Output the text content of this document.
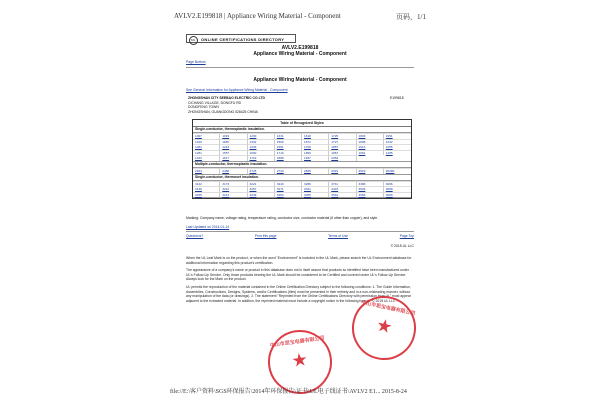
AVLV2.E199818 | Appliance Wiring Material - Component	页码，1/1
UL	ONLINE CERTIFICATIONS DIRECTORY
AVLV2.E199818
Appliance Wiring Material - Component
Page Bottom
Appliance Wiring Material - Component
See General Information for Appliance Wiring Material - Component
ZHONGSHAN CITY SEEBAO ELECTRIC CO LTD
CICHANG VILLAGE, DONGFU RD
DONGFENG TOWN
ZHONGSHAN, GUANGDONG 528425 CHINA
E199818
Table of Recognized Styles
Single-conductor, thermoplastic insulation.
1007	1015	1230	1331	1618	1725	1803	1951
1016	1185	1332	1569	1672	1727	1808	1032
1061	1213	1333	1581	1709	1887	1913	1055
1281	1557	1600	1710	1896	1957	1061	1285
1343	1617	1719	1888	1937	2054
Multiple-conductor, thermoplastic insulation.
2464	2468	2725	2733	2835	2919	2919	20280
Single-conductor, thermoset insulation.
3122	3173	3221	3240	3289	3741	3386	3066
3140	3212	3267	3271	3321	3443	3529	3068
3155	3213	3239	3284	3355	3544	3566	3069
Marking: Company name, voltage rating, temperature rating, conductor size, conductor material (if other than copper), and style.
Last Updated on 2014-01-14
Questions?	Print this page	Terms of Use	Page Top
© 2015 UL LLC
When the UL Leaf Mark is on the product, or when the word "Environment" is included in the UL Mark, please search the UL Environment database for additional information regarding this product's certification.
The appearance of a company's name or product in this database does not in itself assure that products so identified have been manufactured under UL's Follow-Up Service. Only those products bearing the UL Mark should be considered to be Certified and covered under UL's Follow-Up Service. Always look for the Mark on the product.
UL permits the reproduction of the material contained in the Online Certification Directory subject to the following conditions: 1. The Guide Information, Assemblies, Constructions, Designs, Systems, and/or Certifications (files) must be presented in their entirety and in a non-misleading manner, without any manipulation of the data (or drawings). 2. The statement "Reprinted from the Online Certifications Directory with permission from UL" must appear adjacent to the extracted material. In addition, the reprinted material must include a copyright notice in the following format: "© 2015 UL LLC".
中山市思宝电器有限公司
★
中山市思宝电器有限公司
★
file://E:\客户资料\SGS环保报告\2014年环保报告\证书\UL电子线证书\AVLV2 E1... 2015-8-24
